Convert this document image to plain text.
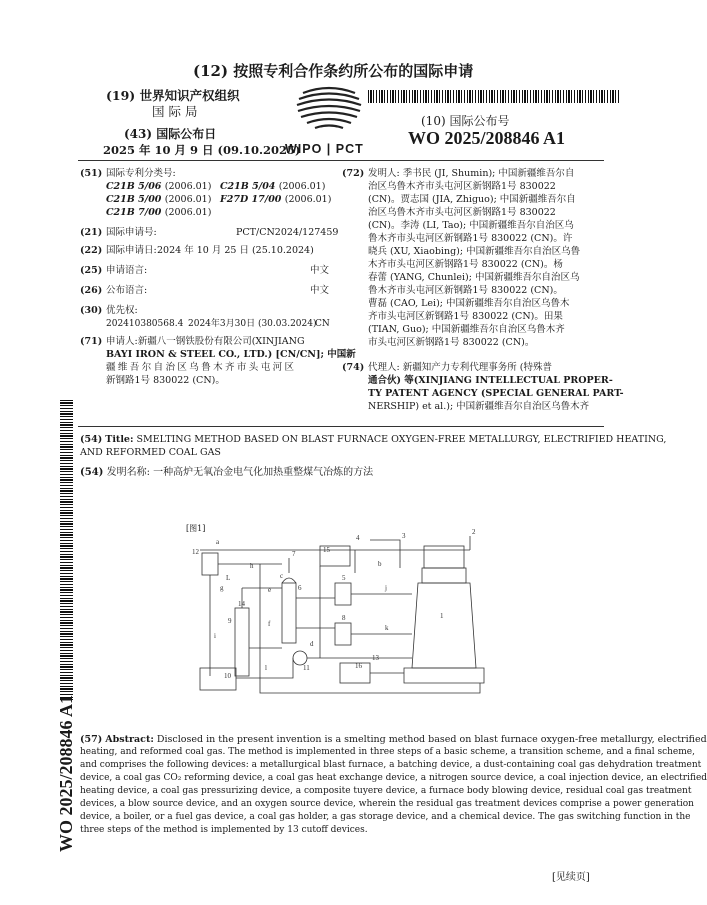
(12) 按照专利合作条约所公布的国际申请
(19) 世界知识产权组织
国 际 局
(43) 国际公布日
2025 年 10 月 9 日 (09.10.2025)
WIPO | PCT
(10) 国际公布号
WO 2025/208846 A1
(51) 国际专利分类号:
C21B 5/06 (2006.01) C21B 5/04 (2006.01)
C21B 5/00 (2006.01) F27D 17/00 (2006.01)
C21B 7/00 (2006.01)
(21) 国际申请号:	PCT/CN2024/127459
(22) 国际申请日: 2024 年 10 月 25 日 (25.10.2024)
(25) 申请语言:	中文
(26) 公布语言:	中文
(30) 优先权:
202410380568.4 2024年3月30日 (30.03.2024)
CN
(71) 申请人:新疆八一钢铁股份有限公司(XINJIANG
BAYI IRON & STEEL CO., LTD.) [CN/CN]; 中国新
疆维吾尔自治区乌鲁木齐市头屯河区
新钢路1号 830022 (CN)。
(72) 发明人: 季书民 (JI, Shumin); 中国新疆维吾尔自
治区乌鲁木齐市头屯河区新钢路1号 830022
(CN)。贾志国 (JIA, Zhiguo); 中国新疆维吾尔自
治区乌鲁木齐市头屯河区新钢路1号 830022
(CN)。李涛 (LI, Tao); 中国新疆维吾尔自治区乌
鲁木齐市头屯河区新钢路1号 830022 (CN)。许
晓兵 (XU, Xiaobing); 中国新疆维吾尔自治区乌鲁
木齐市头屯河区新钢路1号 830022 (CN)。杨
春蕾 (YANG, Chunlei); 中国新疆维吾尔自治区乌
鲁木齐市头屯河区新钢路1号 830022 (CN)。
曹磊 (CAO, Lei); 中国新疆维吾尔自治区乌鲁木
齐市头屯河区新钢路1号 830022 (CN)。田果
(TIAN, Guo); 中国新疆维吾尔自治区乌鲁木齐
市头屯河区新钢路1号 830022 (CN)。
(74) 代理人: 新疆知产力专利代理事务所 (特殊普
通合伙) 等(XINJIANG INTELLECTUAL PROPER-
TY PATENT AGENCY (SPECIAL GENERAL PART-
NERSHIP) et al.); 中国新疆维吾尔自治区乌鲁木齐
(54) Title: SMELTING METHOD BASED ON BLAST FURNACE OXYGEN-FREE METALLURGY, ELECTRIFIED HEATING,
AND REFORMED COAL GAS
(54) 发明名称: 一种高炉无氧冶金电气化加热重整煤气冶炼的方法
[图1]
12	15
1
2
3
4
5
6
7
8
9
10
11
13
14
16
a
b
c
d
e
f
g
h
i
j
k
l
L
(57) Abstract: Disclosed in the present invention is a smelting method based on blast furnace oxygen-free metallurgy, electrified
heating, and reformed coal gas. The method is implemented in three steps of a basic scheme, a transition scheme, and a final scheme,
and comprises the following devices: a metallurgical blast furnace, a batching device, a dust-containing coal gas dehydration treatment
device, a coal gas CO₂ reforming device, a coal gas heat exchange device, a nitrogen source device, a coal injection device, an electrified
heating device, a coal gas pressurizing device, a composite tuyere device, a furnace body blowing device, residual coal gas treatment
devices, a blow source device, and an oxygen source device, wherein the residual gas treatment devices comprise a power generation
device, a boiler, or a fuel gas device, a coal gas holder, a gas storage device, and a chemical device. The gas switching function in the
three steps of the method is implemented by 13 cutoff devices.
[见续页]
WO 2025/208846 A1
